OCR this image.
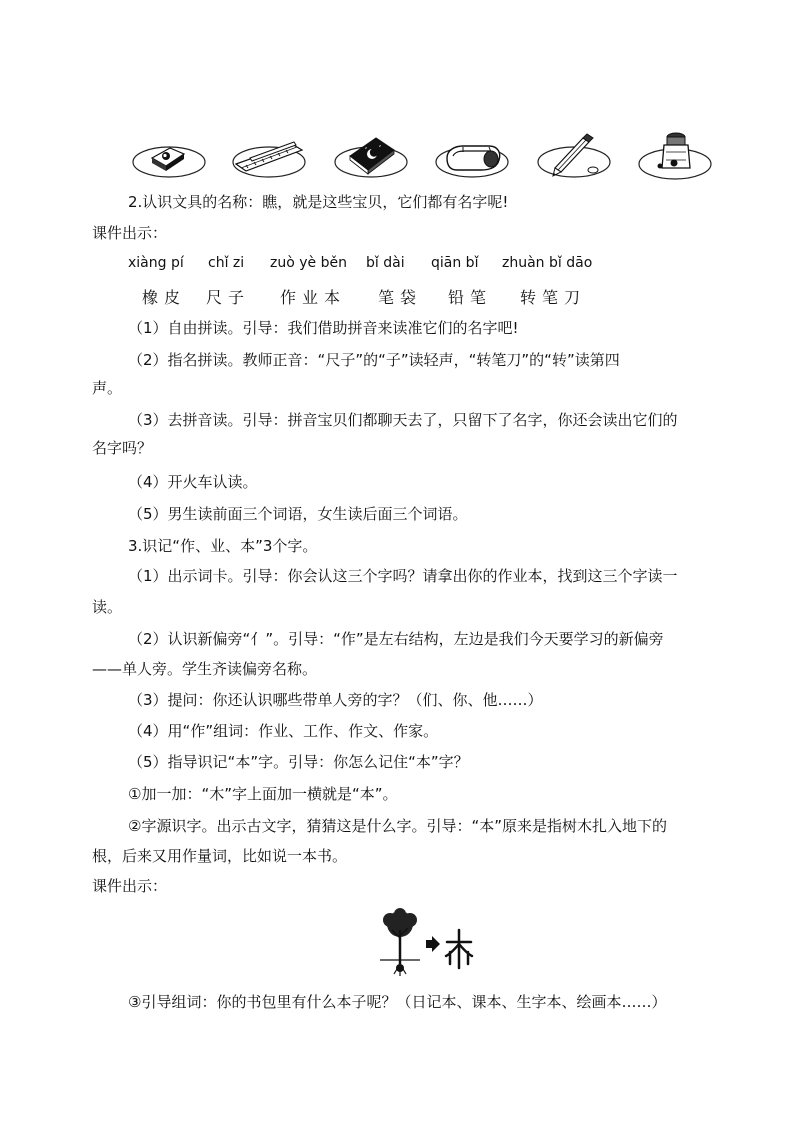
2.认识文具的名称：瞧，就是这些宝贝，它们都有名字呢!
课件出示：
xiàng pí chǐ zi zuò yè běn bǐ dài qiān bǐ zhuàn bǐ dāo
橡皮 尺子 作业本 笔袋 铅笔 转笔刀
（1）自由拼读。引导：我们借助拼音来读准它们的名字吧!
（2）指名拼读。教师正音：“尺子”的“子”读轻声，“转笔刀”的“转”读第四
声。
（3）去拼音读。引导：拼音宝贝们都聊天去了，只留下了名字，你还会读出它们的
名字吗？
（4）开火车认读。
（5）男生读前面三个词语，女生读后面三个词语。
3.识记“作、业、本”3个字。
（1）出示词卡。引导：你会认这三个字吗？请拿出你的作业本，找到这三个字读一
读。
（2）认识新偏旁“亻”。引导：“作”是左右结构，左边是我们今天要学习的新偏旁
——单人旁。学生齐读偏旁名称。
（3）提问：你还认识哪些带单人旁的字？（们、你、他……）
（4）用“作”组词：作业、工作、作文、作家。
（5）指导识记“本”字。引导：你怎么记住“本”字？
①加一加：“木”字上面加一横就是“本”。
②字源识字。出示古文字，猜猜这是什么字。引导：“本”原来是指树木扎入地下的
根，后来又用作量词，比如说一本书。
课件出示：
③引导组词：你的书包里有什么本子呢？（日记本、课本、生字本、绘画本……）
